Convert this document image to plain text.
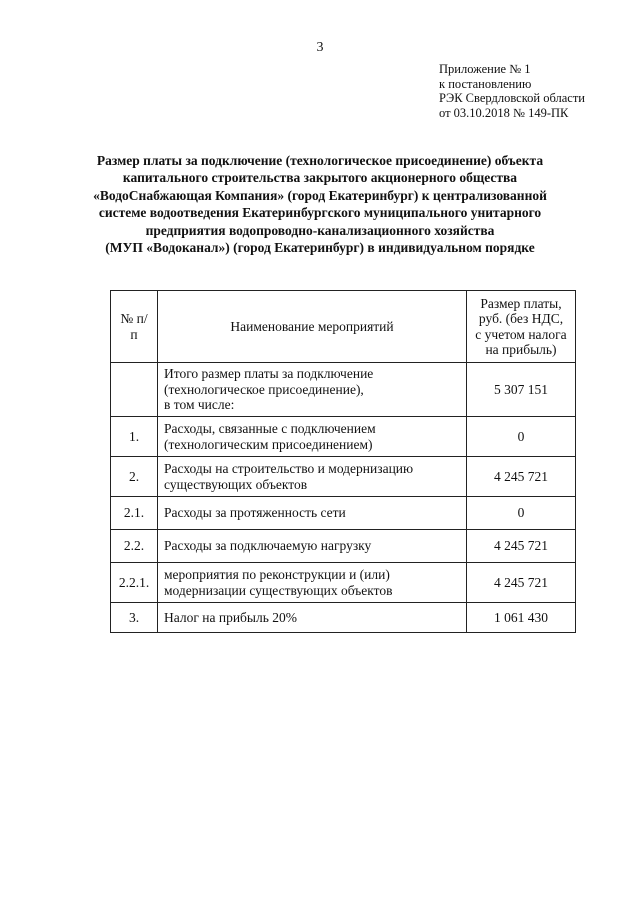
3
Приложение № 1
к постановлению
РЭК Свердловской области
от 03.10.2018 № 149-ПК
Размер платы за подключение (технологическое присоединение) объекта
капитального строительства закрытого акционерного общества
«ВодоСнабжающая Компания» (город Екатеринбург) к централизованной
системе водоотведения Екатеринбургского муниципального унитарного
предприятия водопроводно-канализационного хозяйства
(МУП «Водоканал») (город Екатеринбург) в индивидуальном порядке
№ п/п	Наименование мероприятий	Размер платы,
руб. (без НДС,
с учетом налога
на прибыль)
	Итого размер платы за подключение
(технологическое присоединение),
в том числе:	5 307 151
1.	Расходы, связанные с подключением
(технологическим присоединением)	0
2.	Расходы на строительство и модернизацию
существующих объектов	4 245 721
2.1.	Расходы за протяженность сети	0
2.2.	Расходы за подключаемую нагрузку	4 245 721
2.2.1.	мероприятия по реконструкции и (или)
модернизации существующих объектов	4 245 721
3.	Налог на прибыль 20%	1 061 430
